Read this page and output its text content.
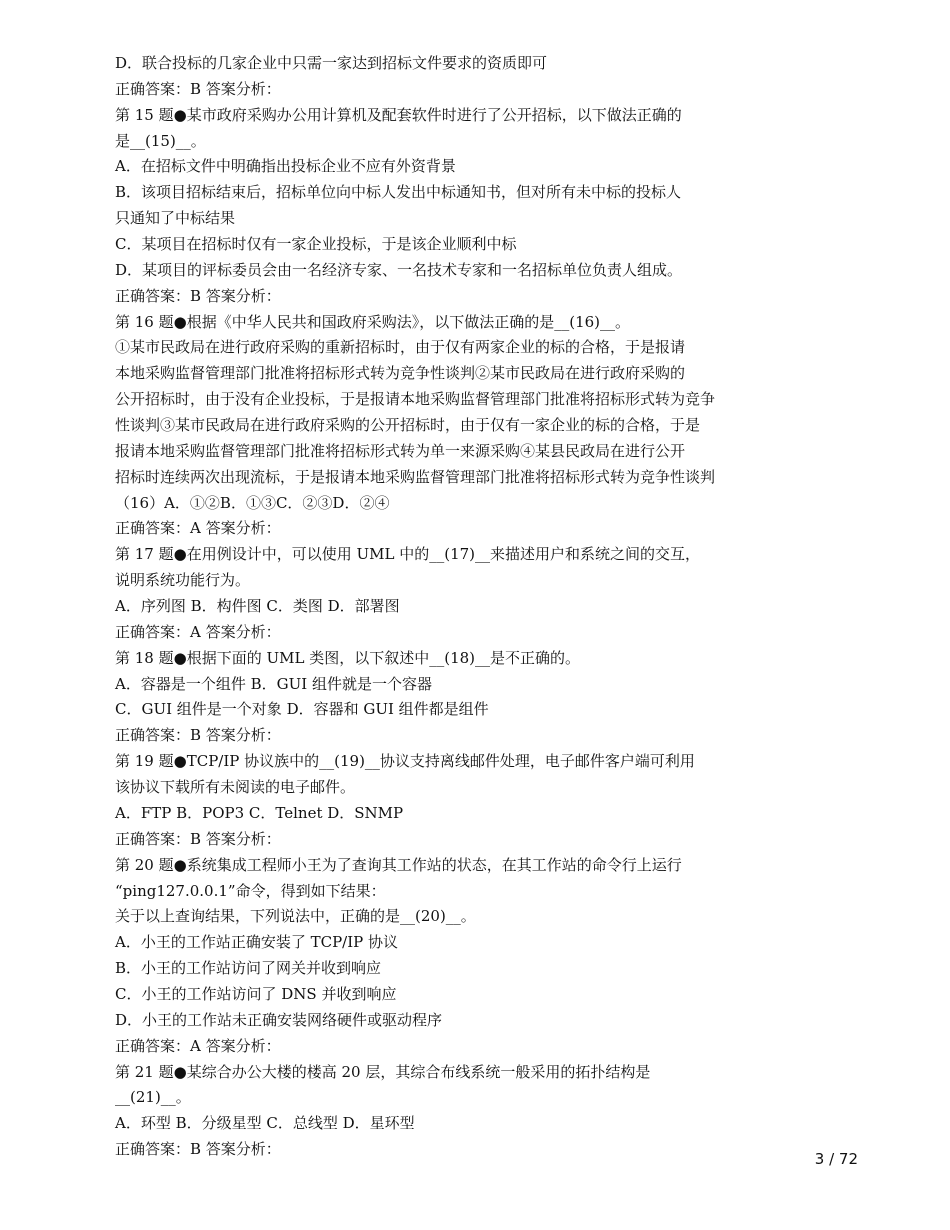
D．联合投标的几家企业中只需一家达到招标文件要求的资质即可
正确答案：B 答案分析：
第 15 题●某市政府采购办公用计算机及配套软件时进行了公开招标，以下做法正确的
是__(15)__。
A．在招标文件中明确指出投标企业不应有外资背景
B．该项目招标结束后，招标单位向中标人发出中标通知书，但对所有未中标的投标人
只通知了中标结果
C．某项目在招标时仅有一家企业投标，于是该企业顺利中标
D．某项目的评标委员会由一名经济专家、一名技术专家和一名招标单位负责人组成。
正确答案：B 答案分析：
第 16 题●根据《中华人民共和国政府采购法》，以下做法正确的是__(16)__。
①某市民政局在进行政府采购的重新招标时，由于仅有两家企业的标的合格，于是报请
本地采购监督管理部门批准将招标形式转为竞争性谈判②某市民政局在进行政府采购的
公开招标时，由于没有企业投标，于是报请本地采购监督管理部门批准将招标形式转为竞争
性谈判③某市民政局在进行政府采购的公开招标时，由于仅有一家企业的标的合格，于是
报请本地采购监督管理部门批准将招标形式转为单一来源采购④某县民政局在进行公开
招标时连续两次出现流标，于是报请本地采购监督管理部门批准将招标形式转为竞争性谈判
（16）A．①②B．①③C．②③D．②④
正确答案：A 答案分析：
第 17 题●在用例设计中，可以使用 UML 中的__(17)__来描述用户和系统之间的交互，
说明系统功能行为。
A．序列图 B．构件图 C．类图 D．部署图
正确答案：A 答案分析：
第 18 题●根据下面的 UML 类图，以下叙述中__(18)__是不正确的。
A．容器是一个组件 B．GUI 组件就是一个容器
C．GUI 组件是一个对象 D．容器和 GUI 组件都是组件
正确答案：B 答案分析：
第 19 题●TCP/IP 协议族中的__(19)__协议支持离线邮件处理，电子邮件客户端可利用
该协议下载所有未阅读的电子邮件。
A．FTP B．POP3 C．Telnet D．SNMP
正确答案：B 答案分析：
第 20 题●系统集成工程师小王为了查询其工作站的状态，在其工作站的命令行上运行
“ping127.0.0.1”命令，得到如下结果：
关于以上查询结果，下列说法中，正确的是__(20)__。
A．小王的工作站正确安装了 TCP/IP 协议
B．小王的工作站访问了网关并收到响应
C．小王的工作站访问了 DNS 并收到响应
D．小王的工作站未正确安装网络硬件或驱动程序
正确答案：A 答案分析：
第 21 题●某综合办公大楼的楼高 20 层，其综合布线系统一般采用的拓扑结构是
__(21)__。
A．环型 B．分级星型 C．总线型 D．星环型
正确答案：B 答案分析：
3 / 72
